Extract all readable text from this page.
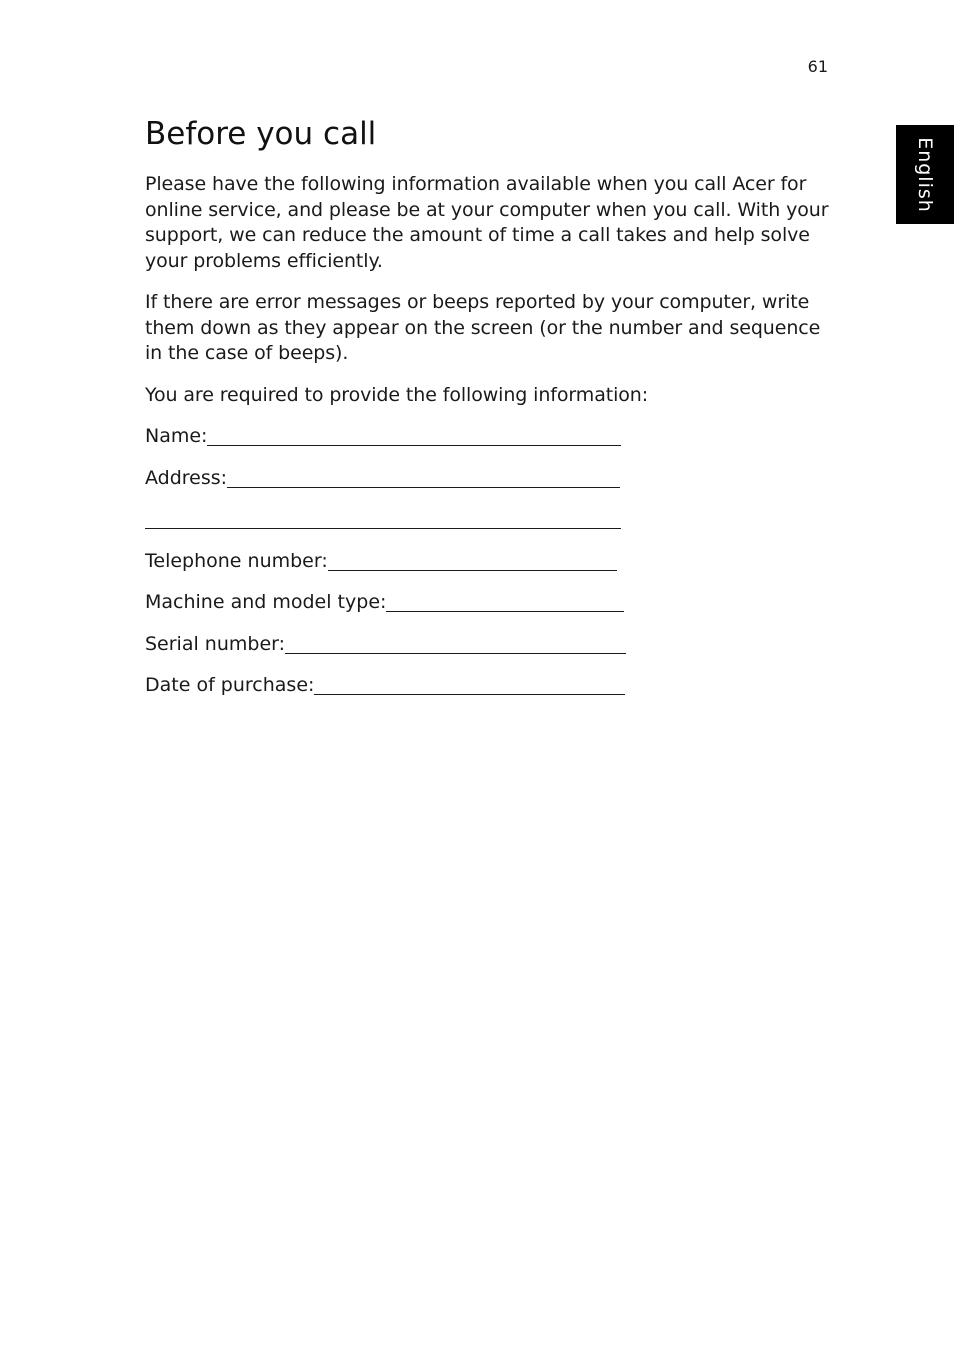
61
English
Before you call

Please have the following information available when you call Acer for online service, and please be at your computer when you call. With your support, we can reduce the amount of time a call takes and help solve your problems efficiently.

If there are error messages or beeps reported by your computer, write them down as they appear on the screen (or the number and sequence in the case of beeps).

You are required to provide the following information:

Name:
Address:
Telephone number:
Machine and model type:
Serial number:
Date of purchase:
